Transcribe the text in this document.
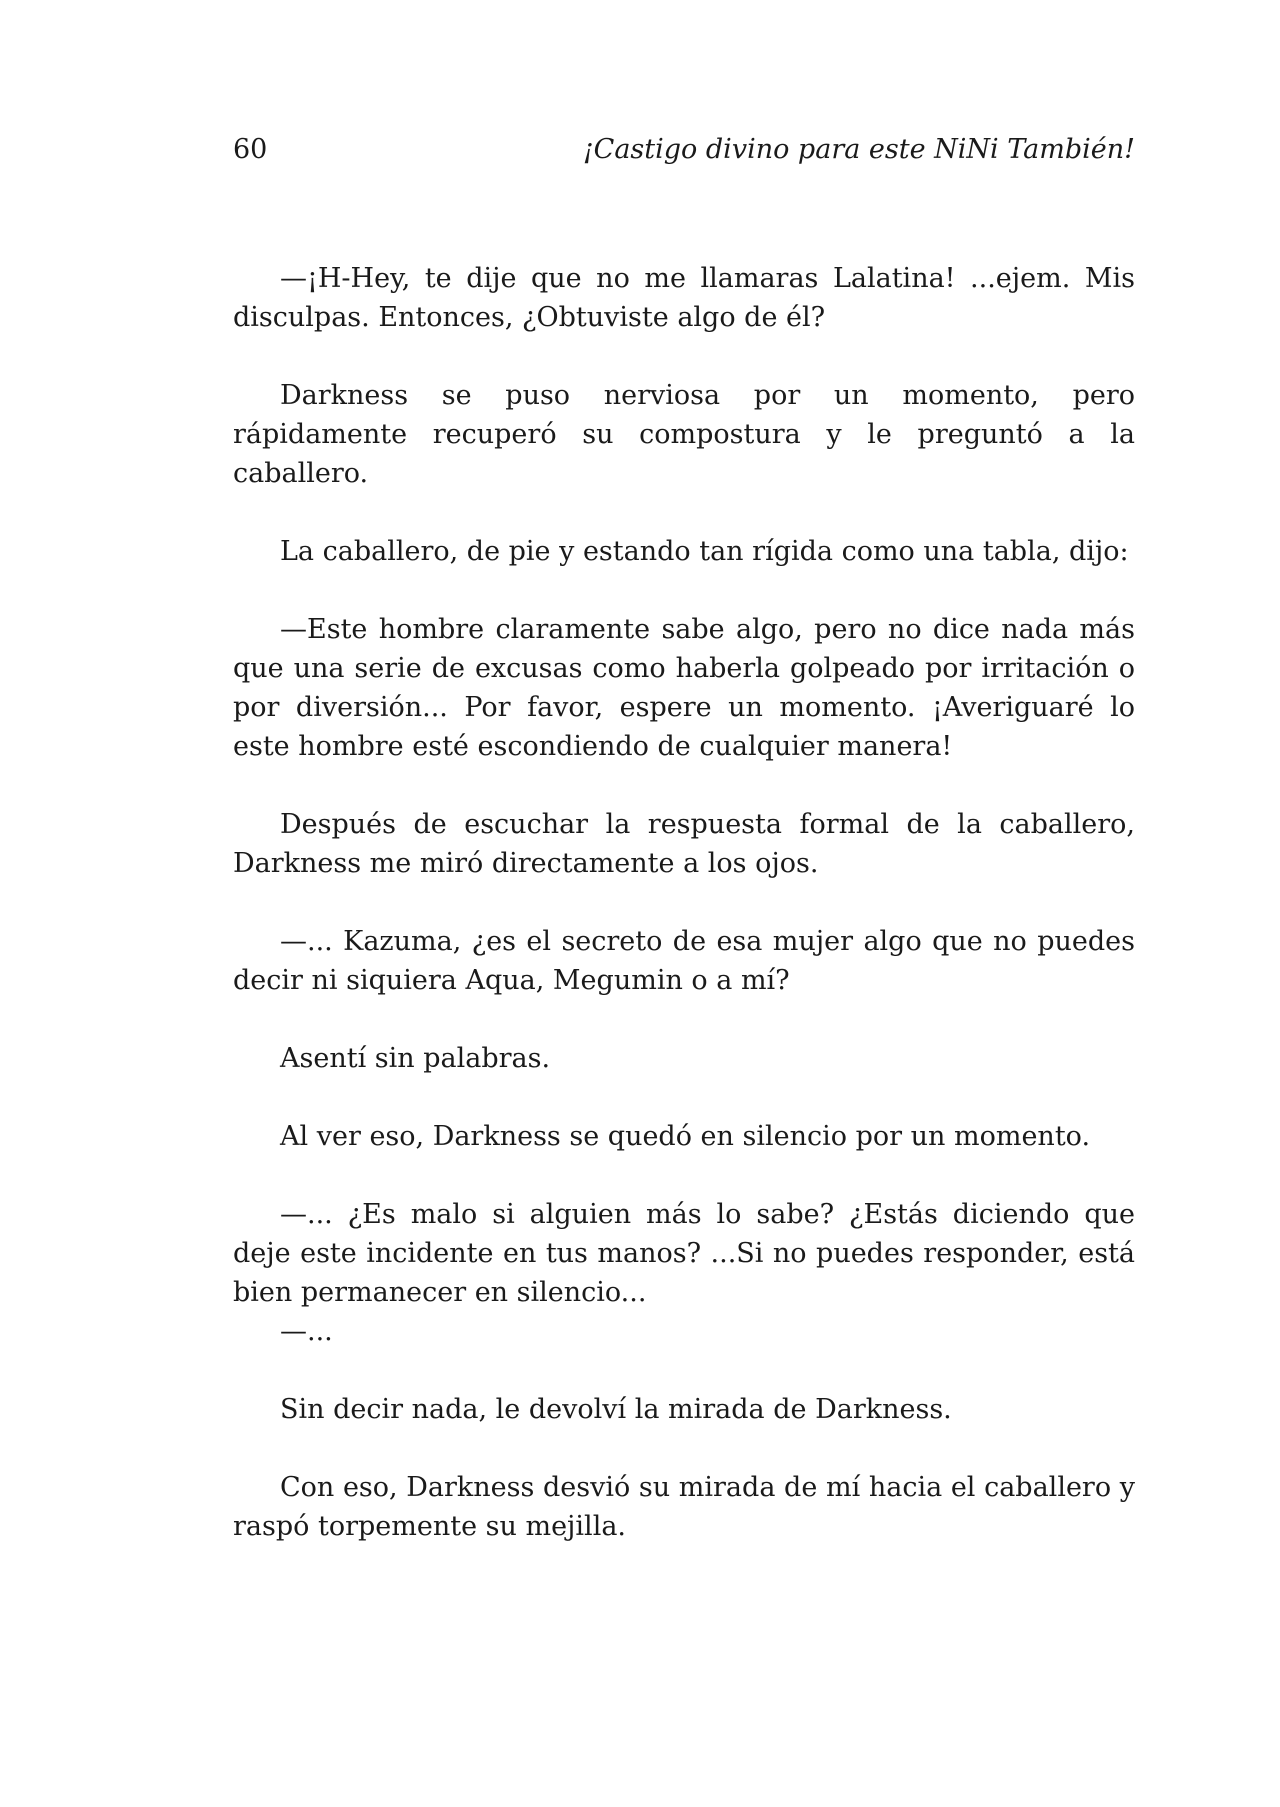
60	¡Castigo divino para este NiNi También!

—¡H-Hey, te dije que no me llamaras Lalatina! ...ejem. Mis disculpas. Entonces, ¿Obtuviste algo de él?

Darkness se puso nerviosa por un momento, pero rápidamente recuperó su compostura y le preguntó a la caballero.

La caballero, de pie y estando tan rígida como una tabla, dijo:

—Este hombre claramente sabe algo, pero no dice nada más que una serie de excusas como haberla golpeado por irritación o por diversión... Por favor, espere un momento. ¡Averiguaré lo este hombre esté escondiendo de cualquier manera!

Después de escuchar la respuesta formal de la caballero, Darkness me miró directamente a los ojos.

—... Kazuma, ¿es el secreto de esa mujer algo que no puedes decir ni siquiera Aqua, Megumin o a mí?

Asentí sin palabras.

Al ver eso, Darkness se quedó en silencio por un momento.

—... ¿Es malo si alguien más lo sabe? ¿Estás diciendo que deje este incidente en tus manos? ...Si no puedes responder, está bien permanecer en silencio...

—...

Sin decir nada, le devolví la mirada de Darkness.

Con eso, Darkness desvió su mirada de mí hacia el caballero y raspó torpemente su mejilla.
